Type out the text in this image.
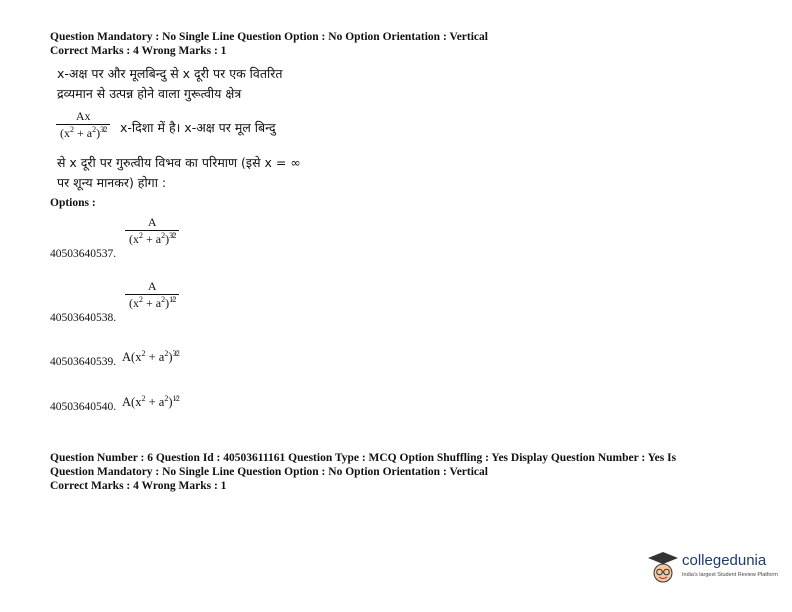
Question Mandatory : No Single Line Question Option : No Option Orientation : Vertical
Correct Marks : 4 Wrong Marks : 1
x-अक्ष पर और मूलबिन्दु से x दूरी पर एक वितरित
द्रव्यमान से उत्पन्न होने वाला गुरूत्वीय क्षेत्र
$\frac{Ax}{(x^2 + a^2)^{3⁄2}}$ x-दिशा में है। x-अक्ष पर मूल बिन्दु
से x दूरी पर गुरुत्वीय विभव का परिमाण (इसे x = ∞
पर शून्य मानकर) होगा :
Options :
$\frac{A}{(x^2 + a^2)^{3⁄2}}$
40503640537.
$\frac{A}{(x^2 + a^2)^{1⁄2}}$
40503640538.
40503640539. $A(x^2 + a^2)^{3⁄2}$
40503640540. $A(x^2 + a^2)^{1⁄2}$
Question Number : 6 Question Id : 40503611161 Question Type : MCQ Option Shuffling : Yes Display Question Number : Yes Is
Question Mandatory : No Single Line Question Option : No Option Orientation : Vertical
Correct Marks : 4 Wrong Marks : 1
collegedunia
India's largest Student Review Platform
